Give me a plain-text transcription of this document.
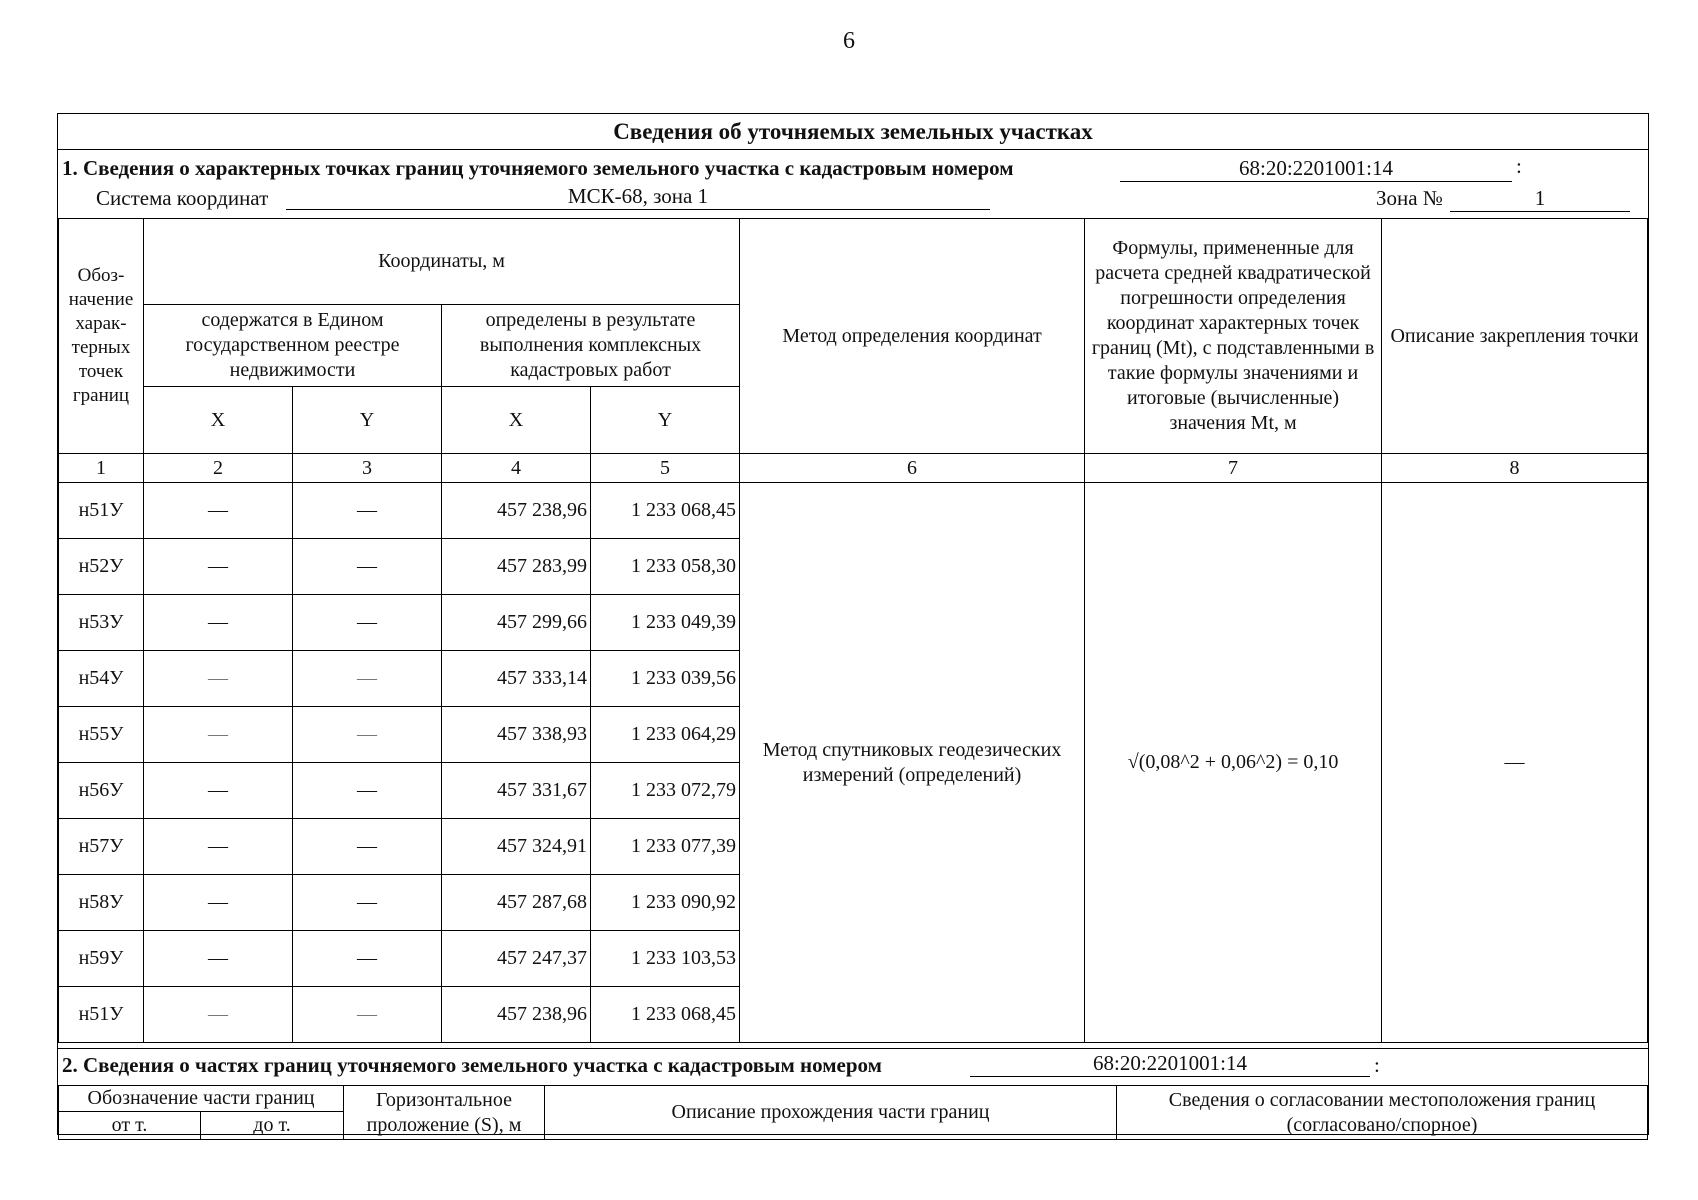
6
Сведения об уточняемых земельных участках
1. Сведения о характерных точках границ уточняемого земельного участка с кадастровым номером	68:20:2201001:14	:
Система координат	МСК-68, зона 1	Зона №	1
Обоз-начение харак-терных точек границ	Координаты, м				Метод определения координат	Формулы, примененные для расчета средней квадратической погрешности определения координат характерных точек границ (Mt), с подставленными в такие формулы значениями и итоговые (вычисленные) значения Mt, м	Описание закрепления точки
	содержатся в Едином государственном реестре недвижимости		определены в результате выполнения комплексных кадастровых работ				
	X	Y	X	Y			
1	2	3	4	5	6	7	8
н51У	—	—	457 238,96	1 233 068,45	Метод спутниковых геодезических измерений (определений)	√(0,08^2 + 0,06^2) = 0,10	—
н52У	—	—	457 283,99	1 233 058,30			
н53У	—	—	457 299,66	1 233 049,39			
н54У	—	—	457 333,14	1 233 039,56			
н55У	—	—	457 338,93	1 233 064,29			
н56У	—	—	457 331,67	1 233 072,79			
н57У	—	—	457 324,91	1 233 077,39			
н58У	—	—	457 287,68	1 233 090,92			
н59У	—	—	457 247,37	1 233 103,53			
н51У	—	—	457 238,96	1 233 068,45			
2. Сведения о частях границ уточняемого земельного участка с кадастровым номером	68:20:2201001:14	:
Обозначение части границ		Горизонтальное проложение (S), м	Описание прохождения части границ	Сведения о согласовании местоположения границ (согласовано/спорное)
от т.	до т.			
